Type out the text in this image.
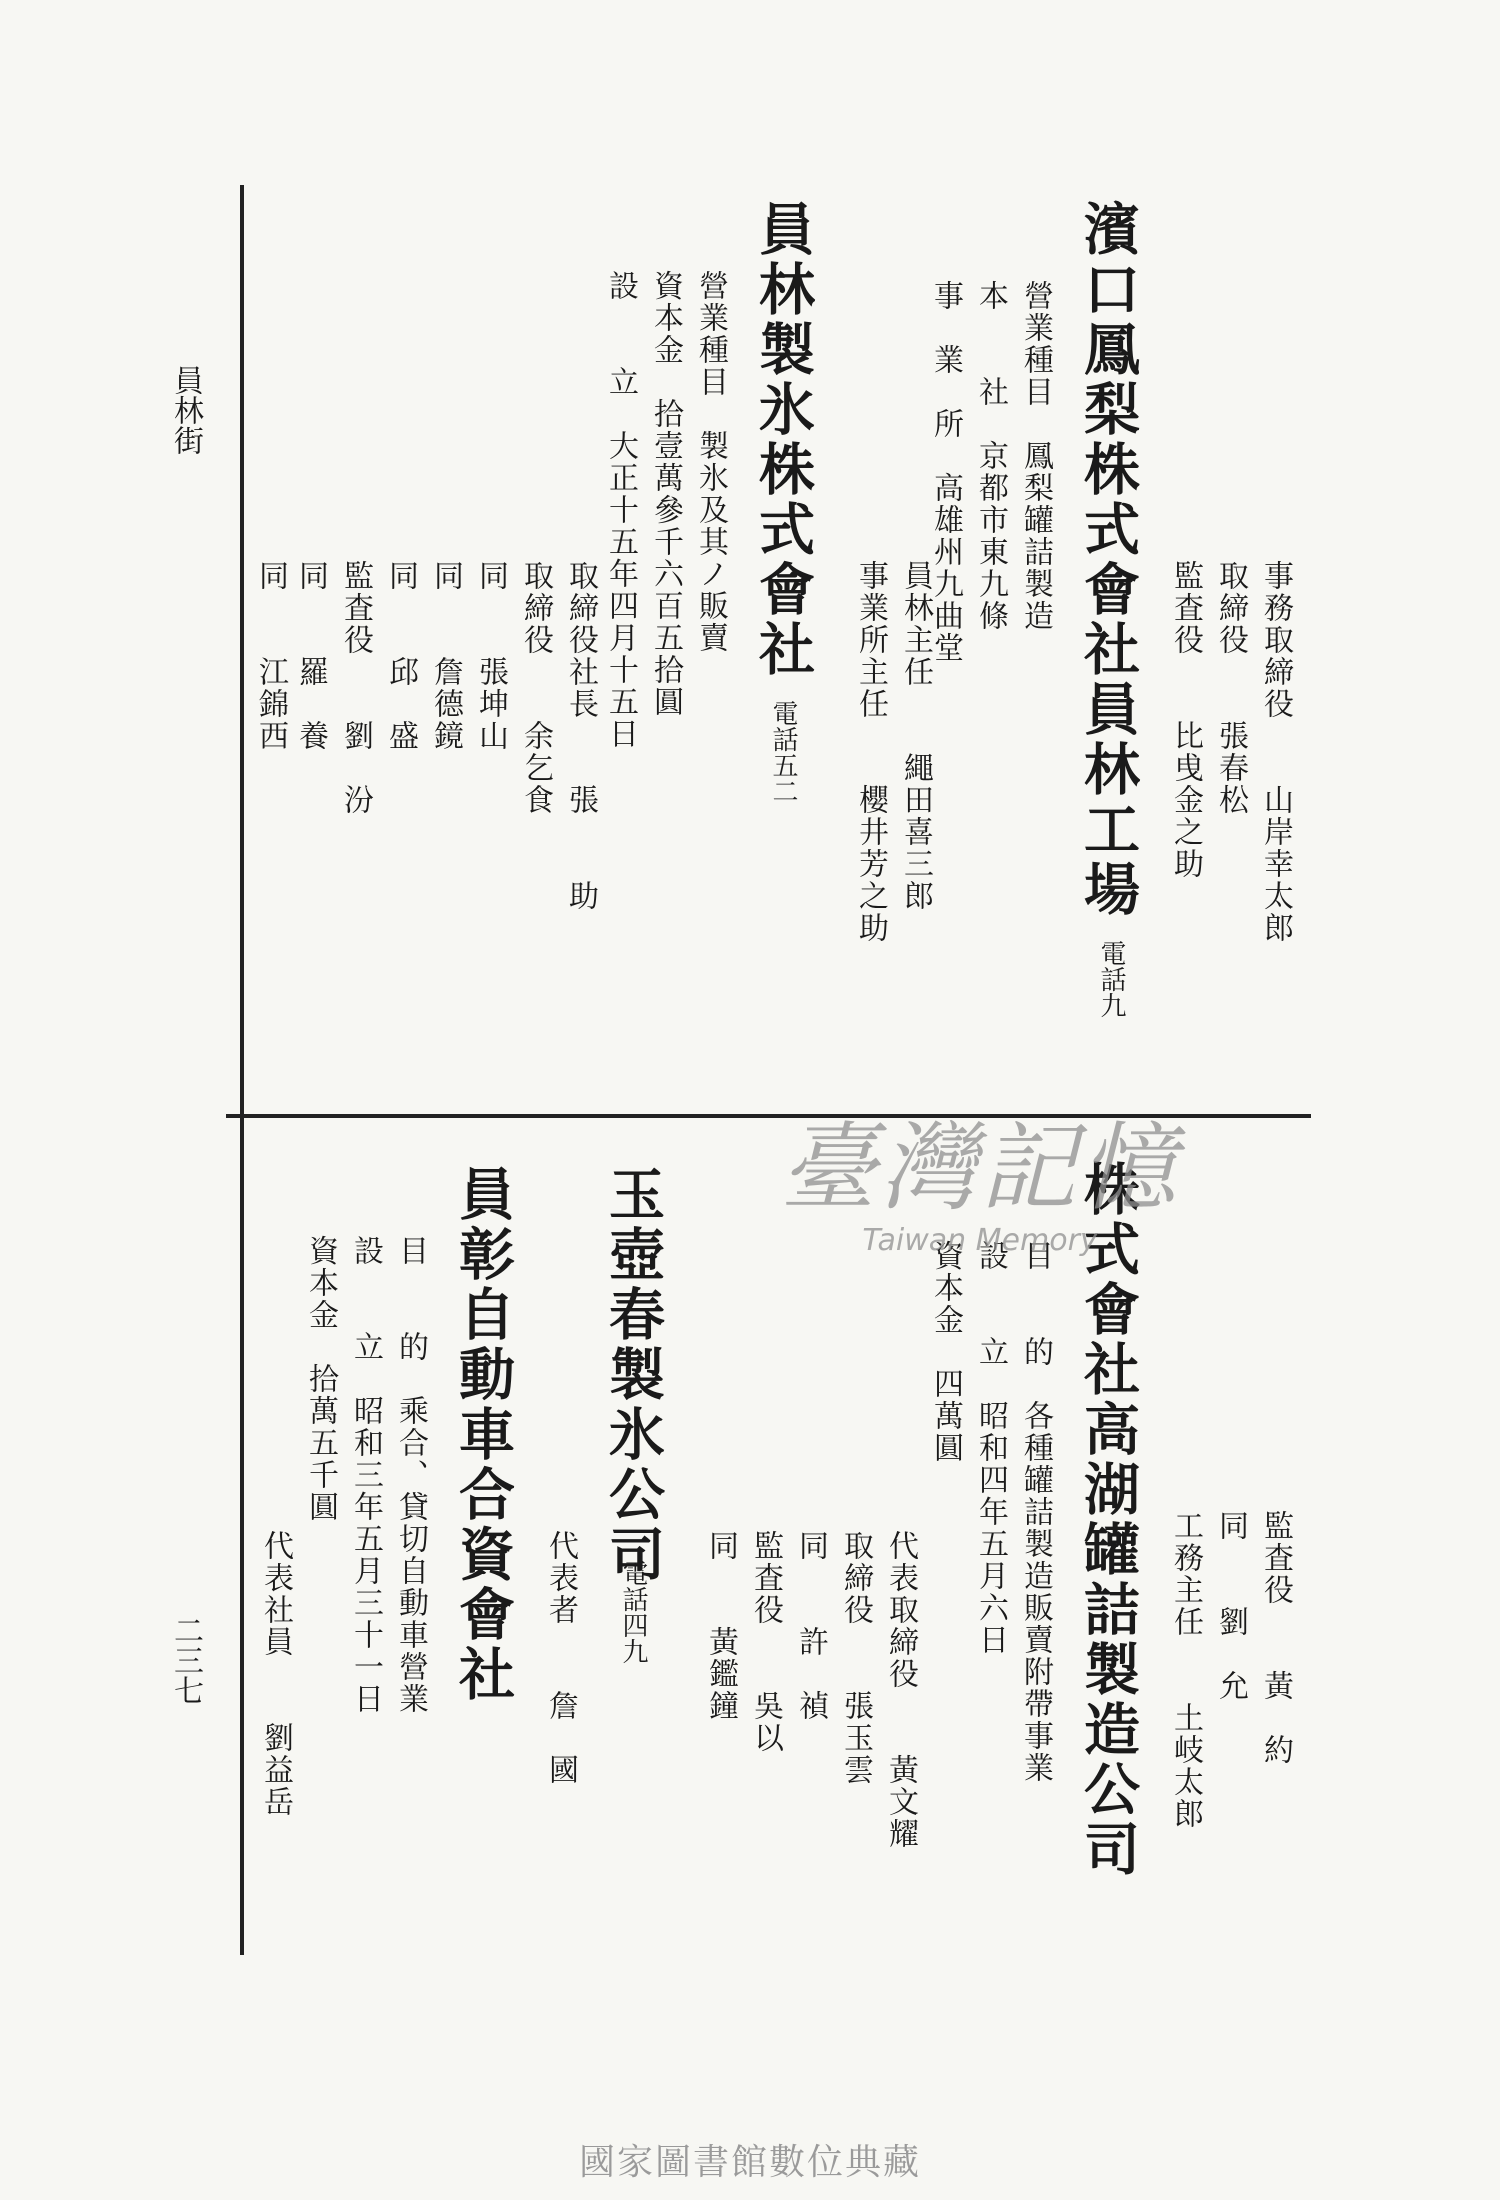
員林街
二三七
濱口鳳梨株式會社員林工場
電話九
營業種目　鳳梨罐詰製造
本　　社　京都市東九條
事　業　所　高雄州九曲堂
事務取締役　　山岸幸太郎
取締役　　張春松
監査役　　比曵金之助
員林主任　　繩田喜三郎
事業所主任　　櫻井芳之助
員林製氷株式會社
電話五二
營業種目　製氷及其ノ販賣
資本金　拾壹萬參千六百五拾圓
設　　立　大正十五年四月十五日
取締役社長　　張　　助
取締役　　余乞食
同　　張坤山
同　　詹德鏡
同　　邱　盛
監査役　　劉　汾
同　　羅　養
同　　江錦西
監査役　　黃　約
同　　劉　允
工務主任　　土岐太郎
株式會社高湖罐詰製造公司
目　　的　各種罐詰製造販賣附帶事業
設　　立　昭和四年五月六日
資本金　四萬圓
代表取締役　　黃文耀
取締役　　張玉雲
同　　許　禎
監査役　　吳以
同　　黃鑑鐘
玉壺春製氷公司
電話四九
代表者　　詹　國
員彰自動車合資會社
目　　的　乘合、貸切自動車營業
設　　立　昭和三年五月三十一日
資本金　拾萬五千圓
代表社員　　劉益岳
臺灣記憶
Taiwan Memory
國家圖書館數位典藏
